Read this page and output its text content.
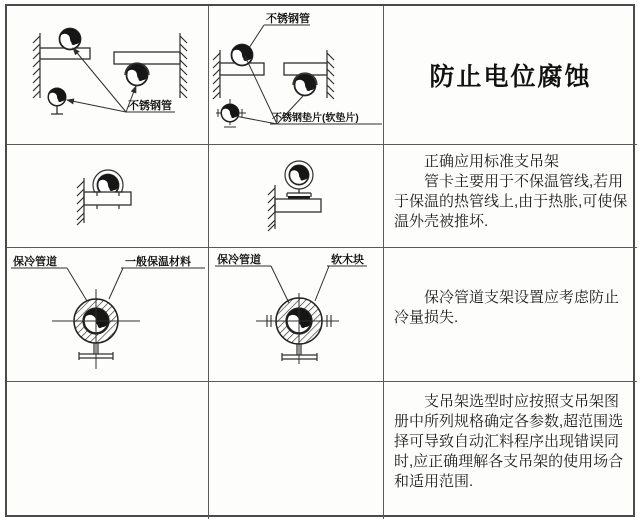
不锈钢管
不锈钢管
不锈钢垫片(软垫片)
防止电位腐蚀

正确应用标准支吊架

管卡主要用于不保温管线,若用于保温的热管线上,由于热胀,可使保温外壳被推坏.

保冷管道	一般保温材料 保冷管道	软木块

保冷管道支架设置应考虑防止冷量损失.

支吊架选型时应按照支吊架图册中所列规格确定各参数,超范围选择可导致自动汇料程序出现错误同时,应正确理解各支吊架的使用场合和适用范围.
